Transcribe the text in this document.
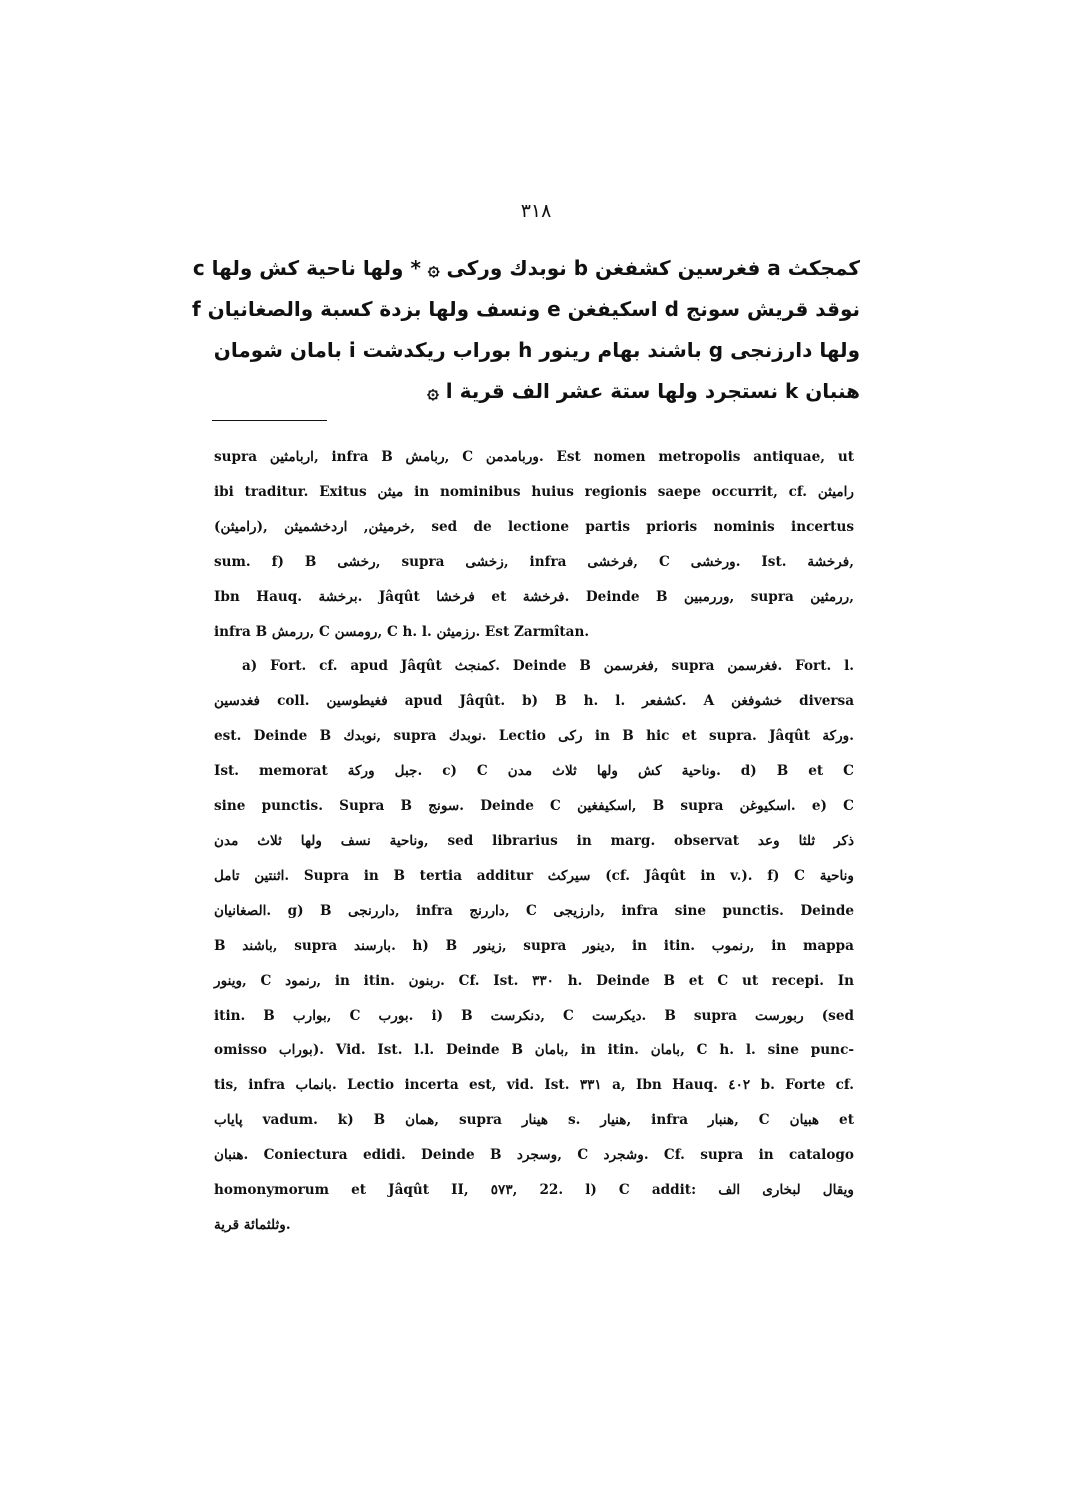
٣١٨
كمجكث a فغرسين كشفغن b نوبدك وركى ۞ * ولها ناحية كش ولها c
نوقد قريش سونج d اسكيفغن e ونسف ولها بزدة كسبة والصغانيان f
ولها دارزنجى g باشند بهام رينور h بوراب ريكدشت i بامان شومان
هنبان k نستجرد ولها ستة عشر الف قرية l ۞
supra اربامثين, infra B ربامش, C وربامدمن. Est nomen metropolis antiquae, ut
ibi traditur. Exitus ميثن in nominibus huius regionis saepe occurrit, cf. راميثن
(راميثن), خرميثن, اردخشميثن, sed de lectione partis prioris nominis incertus
sum. f) B رخشى, supra زخشى, infra فرخشى, C ورخشى. Ist. فرخشة,
Ibn Hauq. برخشة. Jâqût فرخشا et فرخشة. Deinde B وررمبين, supra ررمثين,
infra B ررمش, C رومسن, C h. l. رزميثن. Est Zarmîtan.
a) Fort. cf. apud Jâqût كمنجث. Deinde B فغرسمن, supra فغرسمن. Fort. l.
فغدسين coll. فغيطوسين apud Jâqût. b) B h. l. كشفعر. A خشوفغن diversa
est. Deinde B نوبدك, supra نوبدك. Lectio ركى in B hic et supra. Jâqût وركة.
Ist. memorat جبل وركة. c) C وناحية كش ولها ثلاث مدن. d) B et C
sine punctis. Supra B سونج. Deinde C اسكيفغين, B supra اسكيوغن. e) C
وناحية نسف ولها ثلاث مدن, sed librarius in marg. observat ذكر ثلثا وعد
اثنتين تامل. Supra in B tertia additur سيركث (cf. Jâqût in v.). f) C وناحية
الصغانيان. g) B داررنجى, infra داررنج, C دارزيجى, infra sine punctis. Deinde
B باشند, supra بارسند. h) B زينور, supra دينور, in itin. رنموب, in mappa
وينور, C رنمود, in itin. ربنون. Cf. Ist. ٣٣٠ h. Deinde B et C ut recepi. In
itin. B بوارب, C بورب. i) B دنكرست, C ديكرست. B supra ربورست (sed
omisso بوراب). Vid. Ist. l.l. Deinde B بامان, in itin. بامان, C h. l. sine punc-
tis, infra بانماب. Lectio incerta est, vid. Ist. ٣٣١ a, Ibn Hauq. ٤٠٢ b. Forte cf.
پاياب vadum. k) B همان, supra هينار s. هنيار, infra هنبار, C هبيان et
هنبان. Coniectura edidi. Deinde B وسجرد, C وشجرد. Cf. supra in catalogo
homonymorum et Jâqût II, ٥٧٣, 22. l) C addit: ويقال لبخارى الف
وثلثمائة قرية.
